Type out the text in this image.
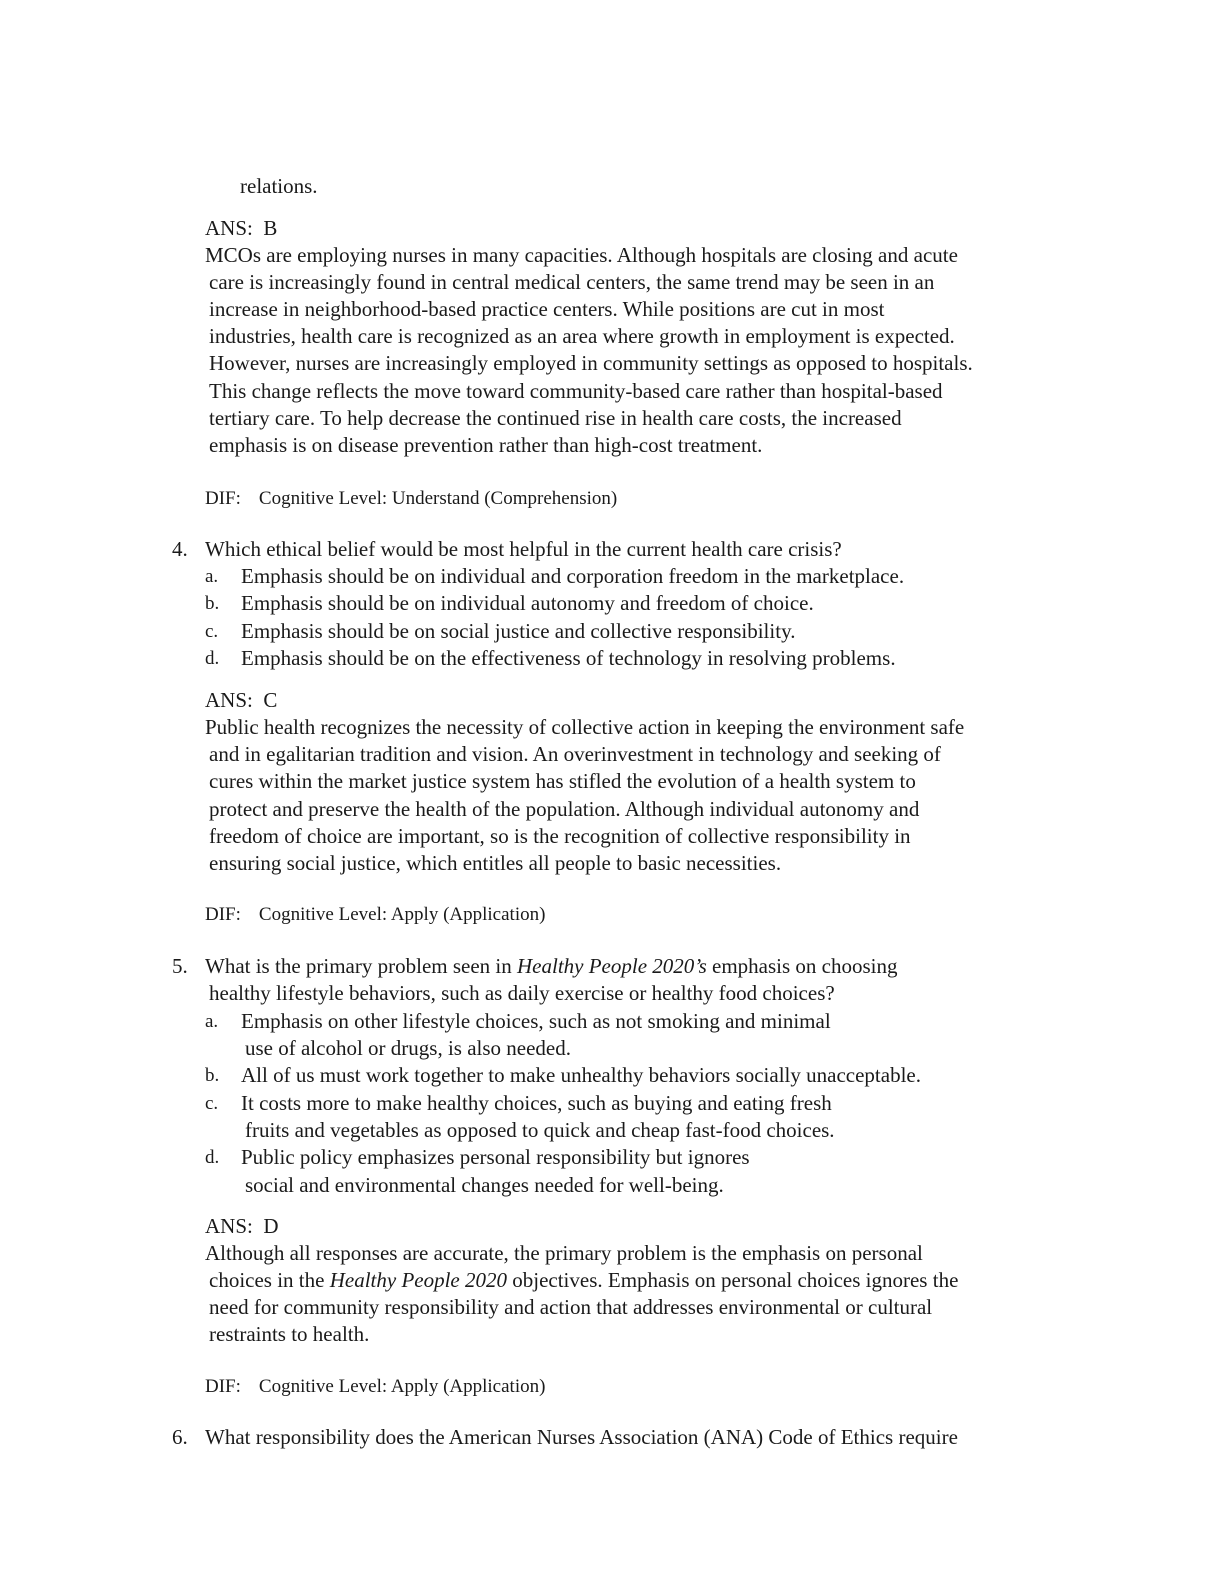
relations.
ANS: B
MCOs are employing nurses in many capacities. Although hospitals are closing and acute
care is increasingly found in central medical centers, the same trend may be seen in an
increase in neighborhood-based practice centers. While positions are cut in most
industries, health care is recognized as an area where growth in employment is expected.
However, nurses are increasingly employed in community settings as opposed to hospitals.
This change reflects the move toward community-based care rather than hospital-based
tertiary care. To help decrease the continued rise in health care costs, the increased
emphasis is on disease prevention rather than high-cost treatment.
DIF: Cognitive Level: Understand (Comprehension)
4. Which ethical belief would be most helpful in the current health care crisis?
a. Emphasis should be on individual and corporation freedom in the marketplace.
b. Emphasis should be on individual autonomy and freedom of choice.
c. Emphasis should be on social justice and collective responsibility.
d. Emphasis should be on the effectiveness of technology in resolving problems.
ANS: C
Public health recognizes the necessity of collective action in keeping the environment safe
and in egalitarian tradition and vision. An overinvestment in technology and seeking of
cures within the market justice system has stifled the evolution of a health system to
protect and preserve the health of the population. Although individual autonomy and
freedom of choice are important, so is the recognition of collective responsibility in
ensuring social justice, which entitles all people to basic necessities.
DIF: Cognitive Level: Apply (Application)
5. What is the primary problem seen in Healthy People 2020’s emphasis on choosing
healthy lifestyle behaviors, such as daily exercise or healthy food choices?
a. Emphasis on other lifestyle choices, such as not smoking and minimal
use of alcohol or drugs, is also needed.
b. All of us must work together to make unhealthy behaviors socially unacceptable.
c. It costs more to make healthy choices, such as buying and eating fresh
fruits and vegetables as opposed to quick and cheap fast-food choices.
d. Public policy emphasizes personal responsibility but ignores
social and environmental changes needed for well-being.
ANS: D
Although all responses are accurate, the primary problem is the emphasis on personal
choices in the Healthy People 2020 objectives. Emphasis on personal choices ignores the
need for community responsibility and action that addresses environmental or cultural
restraints to health.
DIF: Cognitive Level: Apply (Application)
6. What responsibility does the American Nurses Association (ANA) Code of Ethics require
